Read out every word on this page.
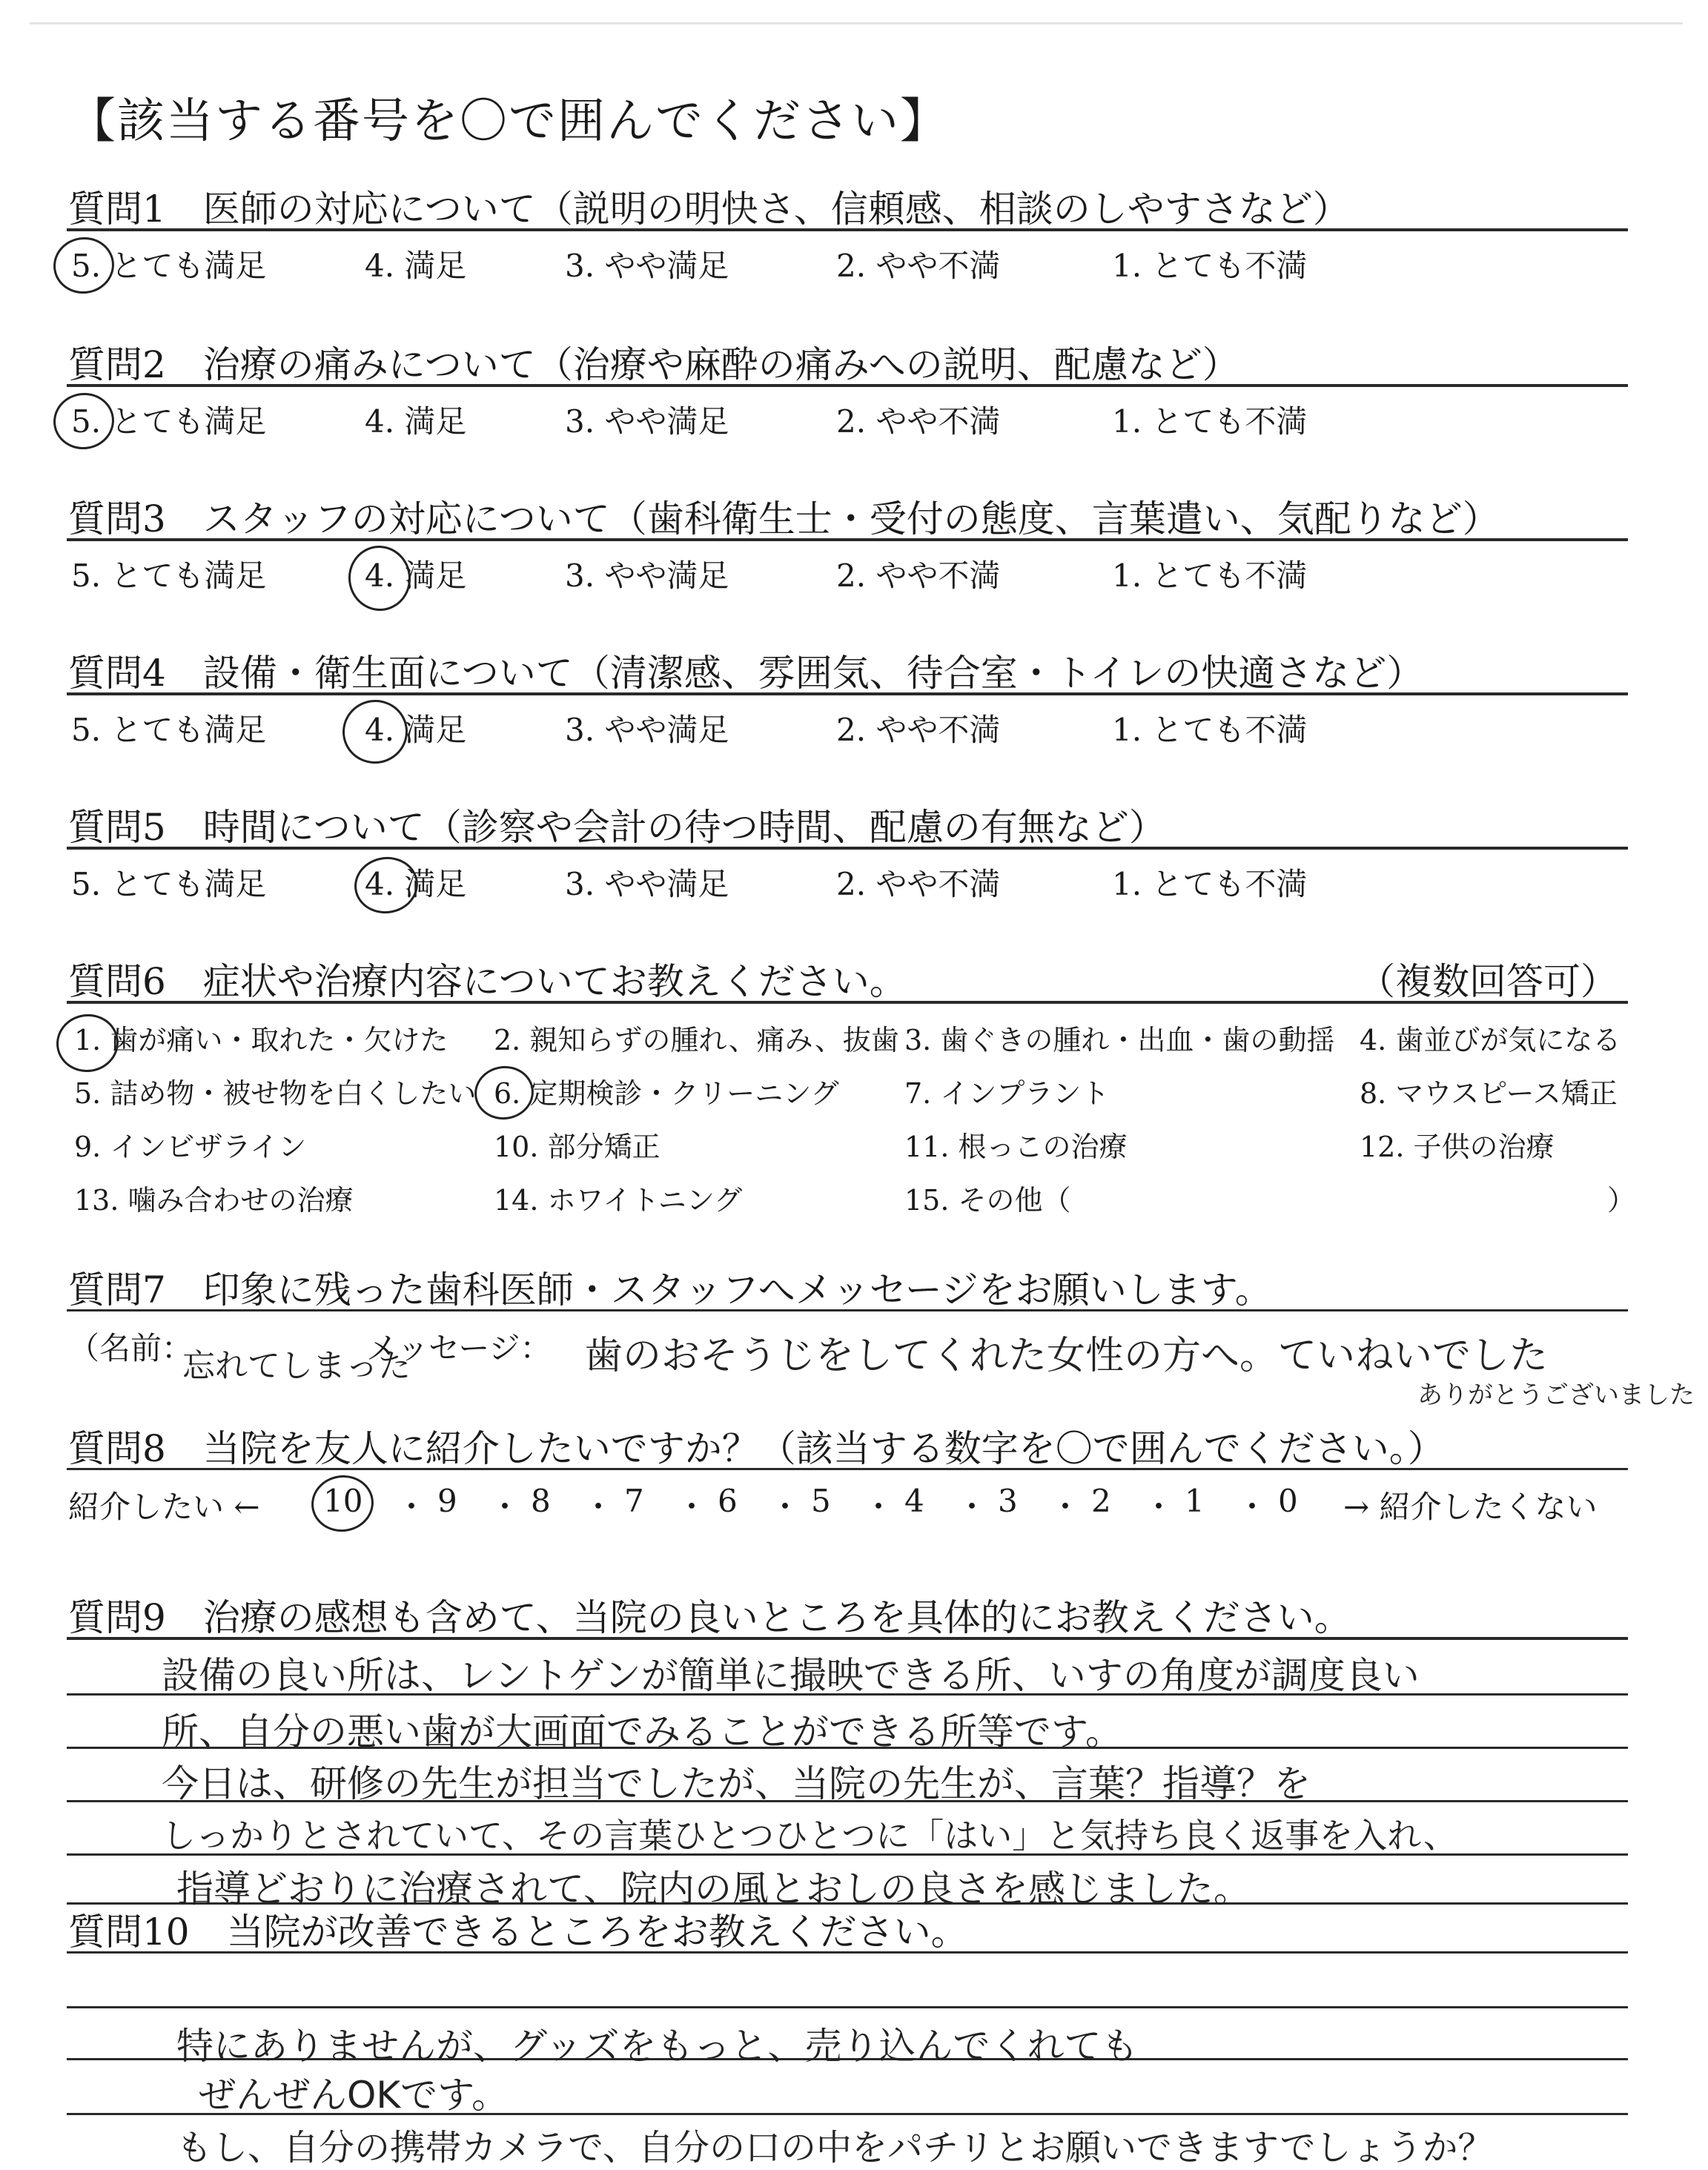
【該当する番号を〇で囲んでください】
質問1　医師の対応について（説明の明快さ、信頼感、相談のしやすさなど）
5. とても満足	4. 満足	3. やや満足	2. やや不満	1. とても不満
質問2　治療の痛みについて（治療や麻酔の痛みへの説明、配慮など）
5. とても満足	4. 満足	3. やや満足	2. やや不満	1. とても不満
質問3　スタッフの対応について（歯科衛生士・受付の態度、言葉遣い、気配りなど）
5. とても満足	4. 満足	3. やや満足	2. やや不満	1. とても不満
質問4　設備・衛生面について（清潔感、雰囲気、待合室・トイレの快適さなど）
5. とても満足	4. 満足	3. やや満足	2. やや不満	1. とても不満
質問5　時間について（診察や会計の待つ時間、配慮の有無など）
5. とても満足	4. 満足	3. やや満足	2. やや不満	1. とても不満
質問6　症状や治療内容についてお教えください。	（複数回答可）
1. 歯が痛い・取れた・欠けた 2. 親知らずの腫れ、痛み、抜歯 3. 歯ぐきの腫れ・出血・歯の動揺 4. 歯並びが気になる
5. 詰め物・被せ物を白くしたい 6. 定期検診・クリーニング 7. インプラント	8. マウスピース矯正
9. インビザライン	10. 部分矯正	11. 根っこの治療	12. 子供の治療
13. 噛み合わせの治療	14. ホワイトニング	15. その他（	）
質問7　印象に残った歯科医師・スタッフへメッセージをお願いします。
（名前：
忘れてしまった
メッセージ： 歯のおそうじをしてくれた女性の方へ。ていねいでした
ありがとうございました
質問8　当院を友人に紹介したいですか？（該当する数字を〇で囲んでください。）
紹介したい ←	→ 紹介したくない
10 ・ 9 ・ 8 ・ 7 ・ 6 ・ 5 ・ 4 ・ 3 ・ 2 ・ 1 ・ 0
質問9　治療の感想も含めて、当院の良いところを具体的にお教えください。
設備の良い所は、レントゲンが簡単に撮映できる所、いすの角度が調度良い
所、自分の悪い歯が大画面でみることができる所等です。
今日は、研修の先生が担当でしたが、当院の先生が、言葉？指導？を
しっかりとされていて、その言葉ひとつひとつに「はい」と気持ち良く返事を入れ、
指導どおりに治療されて、院内の風とおしの良さを感じました。
質問10　当院が改善できるところをお教えください。
特にありませんが、グッズをもっと、売り込んでくれても
ぜんぜんOKです。
もし、自分の携帯カメラで、自分の口の中をパチリとお願いできますでしょうか？
